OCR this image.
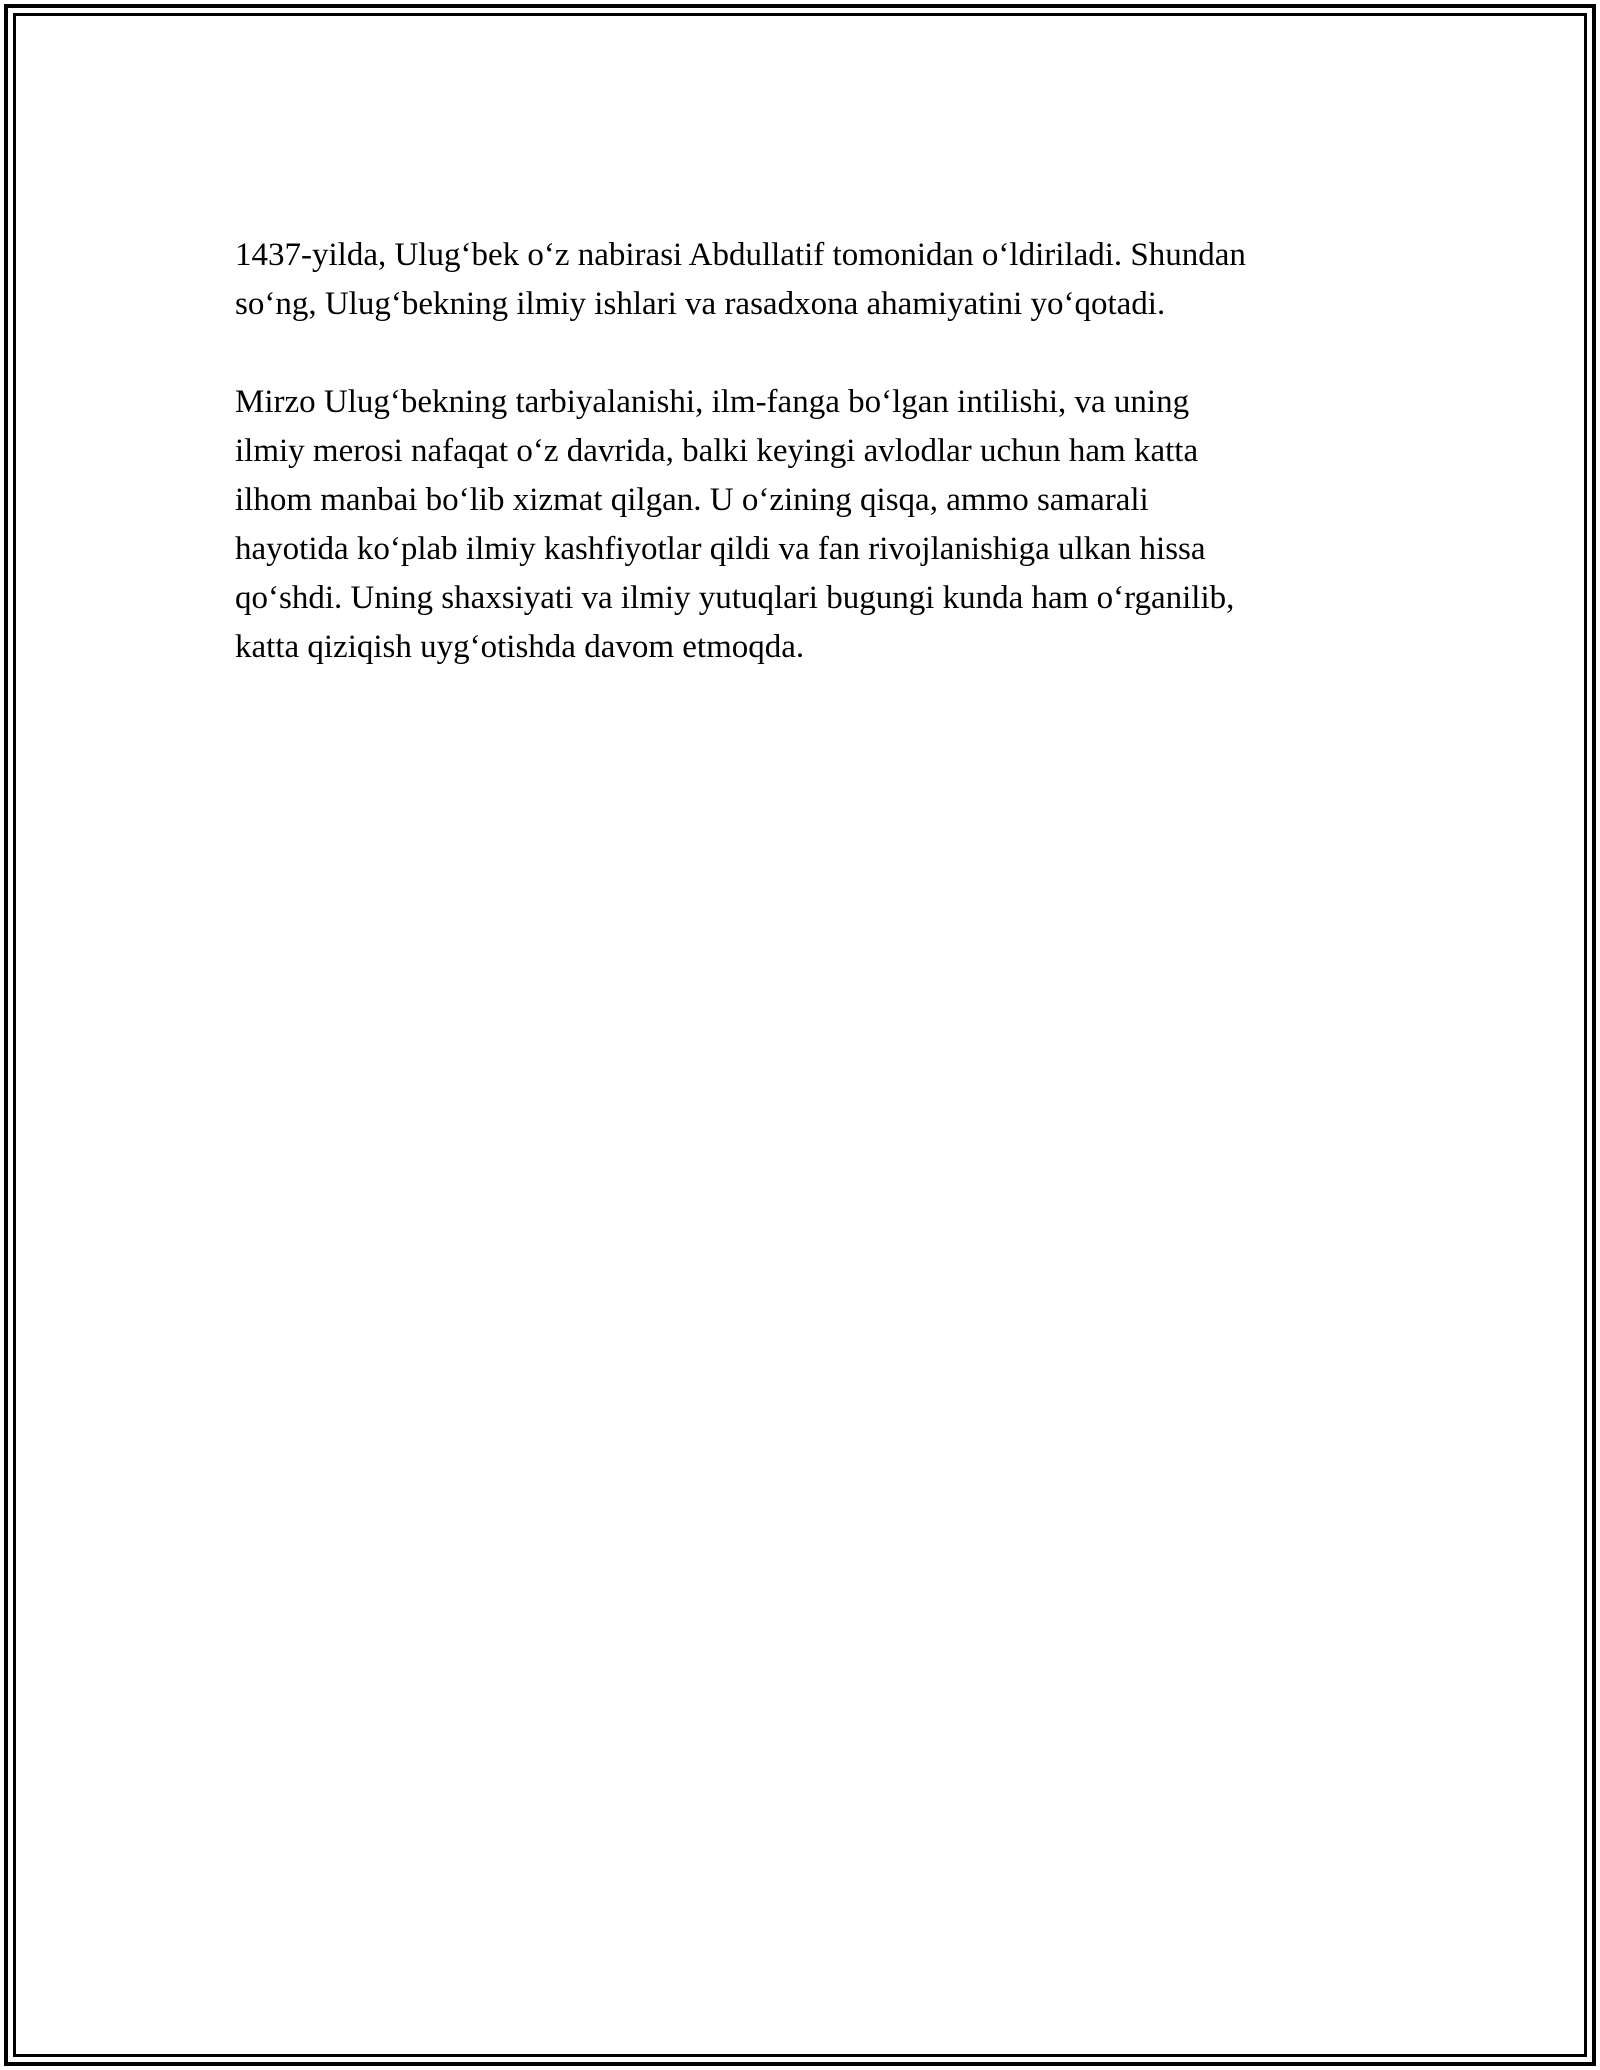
1437-yilda, Ulug‘bek o‘z nabirasi Abdullatif tomonidan o‘ldiriladi. Shundan
so‘ng, Ulug‘bekning ilmiy ishlari va rasadxona ahamiyatini yo‘qotadi.

Mirzo Ulug‘bekning tarbiyalanishi, ilm-fanga bo‘lgan intilishi, va uning
ilmiy merosi nafaqat o‘z davrida, balki keyingi avlodlar uchun ham katta
ilhom manbai bo‘lib xizmat qilgan. U o‘zining qisqa, ammo samarali
hayotida ko‘plab ilmiy kashfiyotlar qildi va fan rivojlanishiga ulkan hissa
qo‘shdi. Uning shaxsiyati va ilmiy yutuqlari bugungi kunda ham o‘rganilib,
katta qiziqish uyg‘otishda davom etmoqda.
